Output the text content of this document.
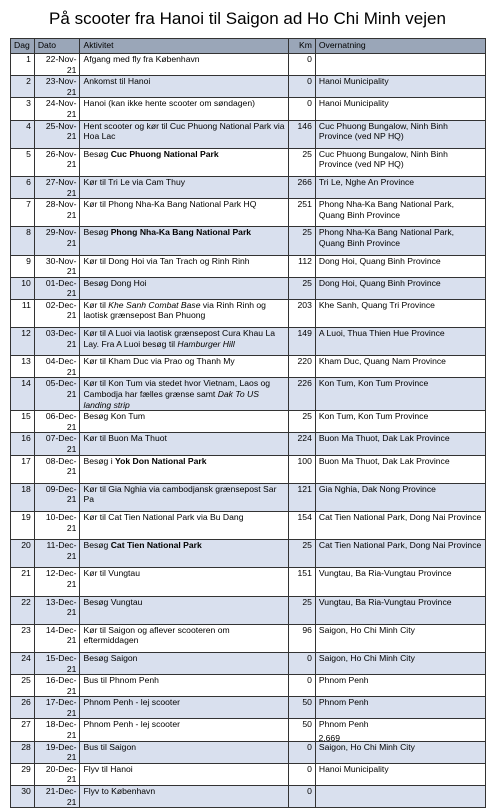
På scooter fra Hanoi til Saigon ad Ho Chi Minh vejen
Dag	Dato	Aktivitet	Km	Overnatning
1	22-Nov-21	Afgang med fly fra København	0	
2	23-Nov-21	Ankomst til Hanoi	0	Hanoi Municipality
3	24-Nov-21	Hanoi (kan ikke hente scooter om søndagen)	0	Hanoi Municipality
4	25-Nov-21	Hent scooter og kør til Cuc Phuong National Park via Hoa Lac	146	Cuc Phuong Bungalow, Ninh Binh Province (ved NP HQ)
5	26-Nov-21	Besøg Cuc Phuong National Park	25	Cuc Phuong Bungalow, Ninh Binh Province (ved NP HQ)
6	27-Nov-21	Kør til Tri Le via Cam Thuy	266	Tri Le, Nghe An Province
7	28-Nov-21	Kør til Phong Nha-Ka Bang National Park HQ	251	Phong Nha-Ka Bang National Park, Quang Binh Province
8	29-Nov-21	Besøg Phong Nha-Ka Bang National Park	25	Phong Nha-Ka Bang National Park, Quang Binh Province
9	30-Nov-21	Kør til Dong Hoi via Tan Trach og Rinh Rinh	112	Dong Hoi, Quang Binh Province
10	01-Dec-21	Besøg Dong Hoi	25	Dong Hoi, Quang Binh Province
11	02-Dec-21	Kør til Khe Sanh Combat Base via Rinh Rinh og laotisk grænsepost Ban Phuong	203	Khe Sanh, Quang Tri Province
12	03-Dec-21	Kør til A Luoi via laotisk grænsepost Cura Khau La Lay. Fra A Luoi besøg til Hamburger Hill	149	A Luoi, Thua Thien Hue Province
13	04-Dec-21	Kør til Kham Duc via Prao og Thanh My	220	Kham Duc, Quang Nam Province
14	05-Dec-21	Kør til Kon Tum via stedet hvor Vietnam, Laos og Cambodja har fælles grænse samt Dak To US landing strip	226	Kon Tum, Kon Tum Province
15	06-Dec-21	Besøg Kon Tum	25	Kon Tum, Kon Tum Province
16	07-Dec-21	Kør til Buon Ma Thuot	224	Buon Ma Thuot, Dak Lak Province
17	08-Dec-21	Besøg i Yok Don National Park	100	Buon Ma Thuot, Dak Lak Province
18	09-Dec-21	Kør til Gia Nghia via cambodjansk grænsepost Sar Pa	121	Gia Nghia, Dak Nong Province
19	10-Dec-21	Kør til Cat Tien National Park via Bu Dang	154	Cat Tien National Park, Dong Nai Province
20	11-Dec-21	Besøg Cat Tien National Park	25	Cat Tien National Park, Dong Nai Province
21	12-Dec-21	Kør til Vungtau	151	Vungtau, Ba Ria-Vungtau Province
22	13-Dec-21	Besøg Vungtau	25	Vungtau, Ba Ria-Vungtau Province
23	14-Dec-21	Kør til Saigon og aflever scooteren om eftermiddagen	96	Saigon, Ho Chi Minh City
24	15-Dec-21	Besøg Saigon	0	Saigon, Ho Chi Minh City
25	16-Dec-21	Bus til Phnom Penh	0	Phnom Penh
26	17-Dec-21	Phnom Penh - lej scooter	50	Phnom Penh
27	18-Dec-21	Phnom Penh - lej scooter	50	Phnom Penh
28	19-Dec-21	Bus til Saigon	0	Saigon, Ho Chi Minh City
29	20-Dec-21	Flyv til Hanoi	0	Hanoi Municipality
30	21-Dec-21	Flyv to København	0	
2.669
